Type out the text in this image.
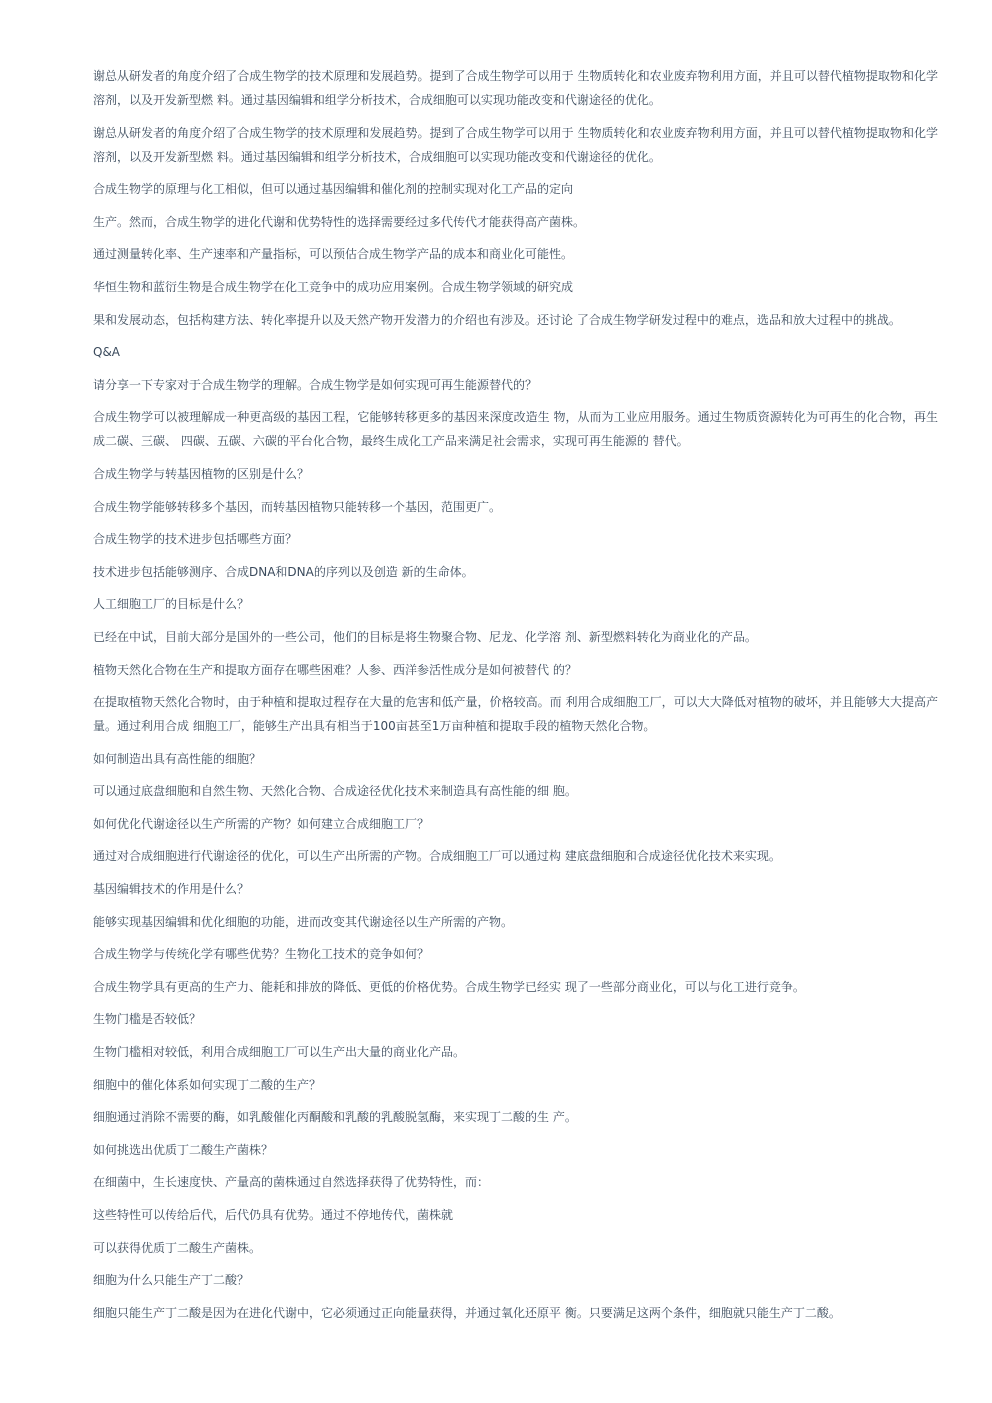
谢总从研发者的角度介绍了合成生物学的技术原理和发展趋势。提到了合成生物学可以用于 生物质转化和农业废弃物利用方面，并且可以替代植物提取物和化学溶剂，以及开发新型燃 料。通过基因编辑和组学分析技术，合成细胞可以实现功能改变和代谢途径的优化。

谢总从研发者的角度介绍了合成生物学的技术原理和发展趋势。提到了合成生物学可以用于 生物质转化和农业废弃物利用方面，并且可以替代植物提取物和化学溶剂，以及开发新型燃 料。通过基因编辑和组学分析技术，合成细胞可以实现功能改变和代谢途径的优化。

合成生物学的原理与化工相似，但可以通过基因编辑和催化剂的控制实现对化工产品的定向

生产。然而，合成生物学的进化代谢和优势特性的选择需要经过多代传代才能获得高产菌株。

通过测量转化率、生产速率和产量指标，可以预估合成生物学产品的成本和商业化可能性。

华恒生物和蓝衍生物是合成生物学在化工竞争中的成功应用案例。合成生物学领域的研究成

果和发展动态，包括构建方法、转化率提升以及天然产物开发潜力的介绍也有涉及。还讨论 了合成生物学研发过程中的难点，选品和放大过程中的挑战。

Q&A

请分享一下专家对于合成生物学的理解。合成生物学是如何实现可再生能源替代的？

合成生物学可以被理解成一种更高级的基因工程，它能够转移更多的基因来深度改造生 物，从而为工业应用服务。通过生物质资源转化为可再生的化合物，再生成二碳、三碳、 四碳、五碳、六碳的平台化合物，最终生成化工产品来满足社会需求，实现可再生能源的 替代。

合成生物学与转基因植物的区别是什么？

合成生物学能够转移多个基因，而转基因植物只能转移一个基因，范围更广。

合成生物学的技术进步包括哪些方面？

技术进步包括能够测序、合成DNA和DNA的序列以及创造 新的生命体。

人工细胞工厂的目标是什么？

已经在中试，目前大部分是国外的一些公司，他们的目标是将生物聚合物、尼龙、化学溶 剂、新型燃料转化为商业化的产品。

植物天然化合物在生产和提取方面存在哪些困难？人参、西洋参活性成分是如何被替代 的？

在提取植物天然化合物时，由于种植和提取过程存在大量的危害和低产量，价格较高。而 利用合成细胞工厂，可以大大降低对植物的破坏，并且能够大大提高产量。通过利用合成 细胞工厂，能够生产出具有相当于100亩甚至1万亩种植和提取手段的植物天然化合物。

如何制造出具有高性能的细胞？

可以通过底盘细胞和自然生物、天然化合物、合成途径优化技术来制造具有高性能的细 胞。

如何优化代谢途径以生产所需的产物？如何建立合成细胞工厂？

通过对合成细胞进行代谢途径的优化，可以生产出所需的产物。合成细胞工厂可以通过构 建底盘细胞和合成途径优化技术来实现。

基因编辑技术的作用是什么？

能够实现基因编辑和优化细胞的功能，进而改变其代谢途径以生产所需的产物。

合成生物学与传统化学有哪些优势？生物化工技术的竞争如何？

合成生物学具有更高的生产力、能耗和排放的降低、更低的价格优势。合成生物学已经实 现了一些部分商业化，可以与化工进行竞争。

生物门槛是否较低？

生物门槛相对较低，利用合成细胞工厂可以生产出大量的商业化产品。

细胞中的催化体系如何实现丁二酸的生产？

细胞通过消除不需要的酶，如乳酸催化丙酮酸和乳酸的乳酸脱氢酶，来实现丁二酸的生 产。

如何挑选出优质丁二酸生产菌株？

在细菌中，生长速度快、产量高的菌株通过自然选择获得了优势特性，而：

这些特性可以传给后代，后代仍具有优势。通过不停地传代，菌株就

可以获得优质丁二酸生产菌株。

细胞为什么只能生产丁二酸？

细胞只能生产丁二酸是因为在进化代谢中，它必须通过正向能量获得，并通过氧化还原平 衡。只要满足这两个条件，细胞就只能生产丁二酸。
